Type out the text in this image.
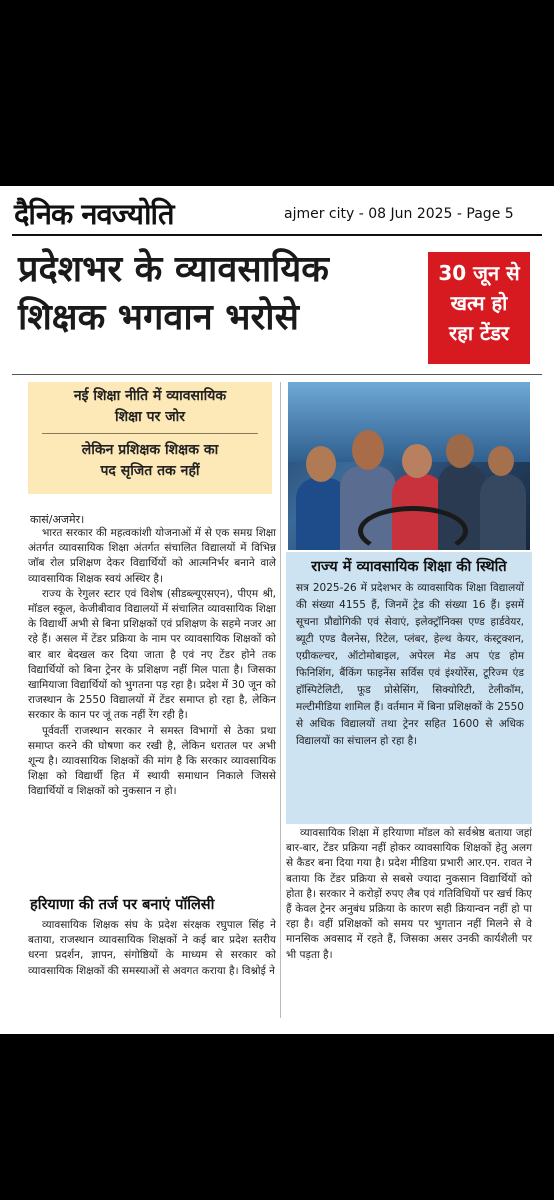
दैनिक नवज्योति	ajmer city - 08 Jun 2025 - Page 5
प्रदेशभर के व्यावसायिक
शिक्षक भगवान भरोसे
30 जून से
खत्म हो
रहा टेंडर
नई शिक्षा नीति में व्यावसायिक
शिक्षा पर जोर
लेकिन प्रशिक्षक शिक्षक का
पद सृजित तक नहीं
कासं/अजमेर।

भारत सरकार की महत्वकांशी योजनाओं में से एक समग्र शिक्षा अंतर्गत व्यावसायिक शिक्षा अंतर्गत संचालित विद्यालयों में विभिन्न जॉब रोल प्रशिक्षण देकर विद्यार्थियों को आत्मनिर्भर बनाने वाले व्यावसायिक शिक्षक स्वयं अस्थिर है।

राज्य के रेगुलर स्टार एवं विशेष (सीडब्ल्यूएसएन), पीएम श्री, मॉडल स्कूल, केजीबीवाव विद्यालयों में संचालित व्यावसायिक शिक्षा के विद्यार्थी अभी से बिना प्रशिक्षकों एवं प्रशिक्षण के सहमे नजर आ रहे हैं। असल में टेंडर प्रक्रिया के नाम पर व्यावसायिक शिक्षकों को बार बार बेदखल कर दिया जाता है एवं नए टेंडर होने तक विद्यार्थियों को बिना ट्रेनर के प्रशिक्षण नहीं मिल पाता है। जिसका खामियाजा विद्यार्थियों को भुगतना पड़ रहा है। प्रदेश में 30 जून को राजस्थान के 2550 विद्यालयों में टेंडर समाप्त हो रहा है, लेकिन सरकार के कान पर जूं तक नहीं रेंग रही है।

पूर्ववर्ती राजस्थान सरकार ने समस्त विभागों से ठेका प्रथा समाप्त करने की घोषणा कर रखी है, लेकिन धरातल पर अभी शून्य है। व्यावसायिक शिक्षकों की मांग है कि सरकार व्यावसायिक शिक्षा को विद्यार्थी हित में स्थायी समाधान निकाले जिससे विद्यार्थियों व शिक्षकों को नुकसान न हो।

हरियाणा की तर्ज पर बनाएं पॉलिसी

व्यावसायिक शिक्षक संघ के प्रदेश संरक्षक रघुपाल सिंह ने बताया, राजस्थान व्यावसायिक शिक्षकों ने कई बार प्रदेश स्तरीय धरना प्रदर्शन, ज्ञापन, संगोष्ठियों के माध्यम से सरकार को व्यावसायिक शिक्षकों की समस्याओं से अवगत कराया है। विश्नोई ने

राज्य में व्यावसायिक शिक्षा की स्थिति
सत्र 2025-26 में प्रदेशभर के व्यावसायिक शिक्षा विद्यालयों की संख्या 4155 हैं, जिनमें ट्रेड की संख्या 16 हैं। इसमें सूचना प्रौद्योगिकी एवं सेवाएं, इलेक्ट्रॉनिक्स एण्ड हार्डवेयर, ब्यूटी एण्ड वैलनेस, रिटेल, प्लंबर, हेल्थ केयर, कंस्ट्रक्शन, एग्रीकल्चर, ऑटोमोबाइल, अपेरल मेड अप एंड होम फिनिशिंग, बैंकिंग फाइनेंस सर्विस एवं इंश्योरेंस, टूरिज्म एंड हॉस्पिटेलिटी, फूड प्रोसेसिंग, सिक्योरिटी, टेलीकॉम, मल्टीमीडिया शामिल हैं। वर्तमान में बिना प्रशिक्षकों के 2550 से अधिक विद्यालयों तथा ट्रेनर सहित 1600 से अधिक विद्यालयों का संचालन हो रहा है।

व्यावसायिक शिक्षा में हरियाणा मॉडल को सर्वश्रेष्ठ बताया जहां बार-बार, टेंडर प्रक्रिया नहीं होकर व्यावसायिक शिक्षकों हेतु अलग से कैडर बना दिया गया है। प्रदेश मीडिया प्रभारी आर.एन. रावत ने बताया कि टेंडर प्रक्रिया से सबसे ज्यादा नुकसान विद्यार्थियों को होता है। सरकार ने करोड़ों रुपए लैब एवं गतिविधियों पर खर्च किए हैं केवल ट्रेनर अनुबंध प्रक्रिया के कारण सही क्रियान्वन नहीं हो पा रहा है। वहीं प्रशिक्षकों को समय पर भुगतान नहीं मिलने से वे मानसिक अवसाद में रहते हैं, जिसका असर उनकी कार्यशैली पर भी पड़ता है।
